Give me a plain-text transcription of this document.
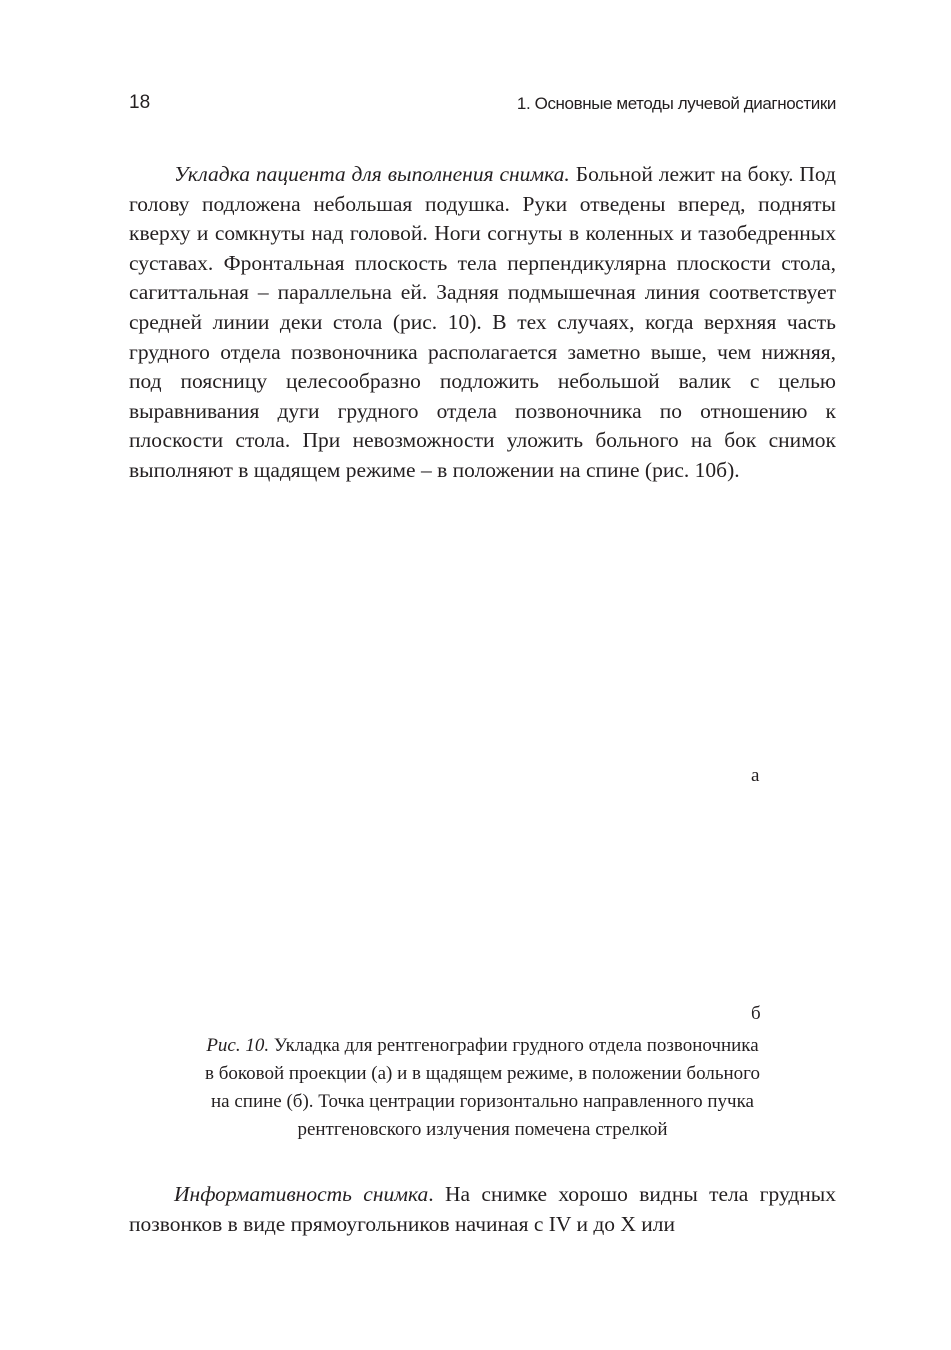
18	1. Основные методы лучевой диагностики

Укладка пациента для выполнения снимка. Больной лежит на боку. Под голову подложена небольшая подушка. Руки отведены вперед, подняты кверху и сомкнуты над головой. Ноги согнуты в коленных и тазобедренных суставах. Фронтальная плоскость тела перпендикулярна плоскости стола, сагиттальная – параллельна ей. Задняя подмышечная линия соответствует средней линии деки стола (рис. 10). В тех случаях, когда верхняя часть грудного отдела позвоночника располагается заметно выше, чем нижняя, под поясницу целесообразно подложить небольшой валик с целью выравнивания дуги грудного отдела позвоночника по отношению к плоскости стола. При невозможности уложить больного на бок снимок выполняют в щадящем режиме – в положении на спине (рис. 10б).

а
б
Рис. 10. Укладка для рентгенографии грудного отдела позвоночника
в боковой проекции (а) и в щадящем режиме, в положении больного
на спине (б). Точка центрации горизонтально направленного пучка
рентгеновского излучения помечена стрелкой

Информативность снимка. На снимке хорошо видны тела грудных позвонков в виде прямоугольников начиная с IV и до X или
